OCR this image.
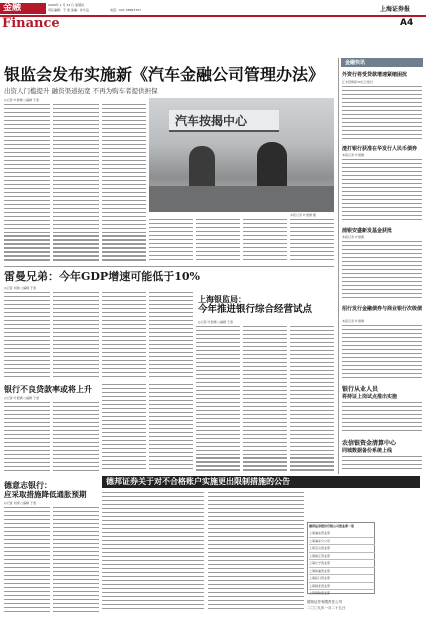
金融	2009年 1 月 31 日 星期四
责任编辑：于 雷 美编：许允良	电话：021-38967707	上海证券报
Finance	A4
银监会发布实施新《汽车金融公司管理办法》
出资人门槛提升 融资渠道拓宽 不再为购车者提供担保
◎记者 叶展旗 ○编辑 于雷
汽车按揭中心
本报记者 叶展旗 摄
雷曼兄弟：今年GDP增速可能低于10%
◎记者 刘建 ○编辑 于雷
银行不良贷款率或将上升
◎记者 叶展旗 ○编辑 于雷
上海银监局：
今年推进银行综合经营试点
◎记者 叶展旗 ○编辑 于雷
德意志银行：
应采取措施降低通胀预期
◎记者 刘建 ○编辑 于雷
德邦证券关于对不合格账户实施更出限制措施的公告
德邦证券股份有限公司营业部一览
上海浦东营业部
上海浦东分公司
上海宝山营业部
上海徐汇营业部
上海长宁营业部
上海杨浦营业部
上海虹口营业部
上海闸北营业部
上海普陀营业部
德邦证券有限责任公司
二〇〇九年一月二十九日
金融快讯
外资行将受贷款增速紧缩困扰
汇丰回购拟30亿元偿付
渣打银行获准在华发行人民币债券
本报记者 叶展旗
浦银安盛新发基金获批
本报记者 叶展旗
招行发行金融债券与商业银行次级债
本报记者 叶展旗
银行从业人员
将持证上岗试点推出实施
农信银资金清算中心
同城数据备份系统上线
